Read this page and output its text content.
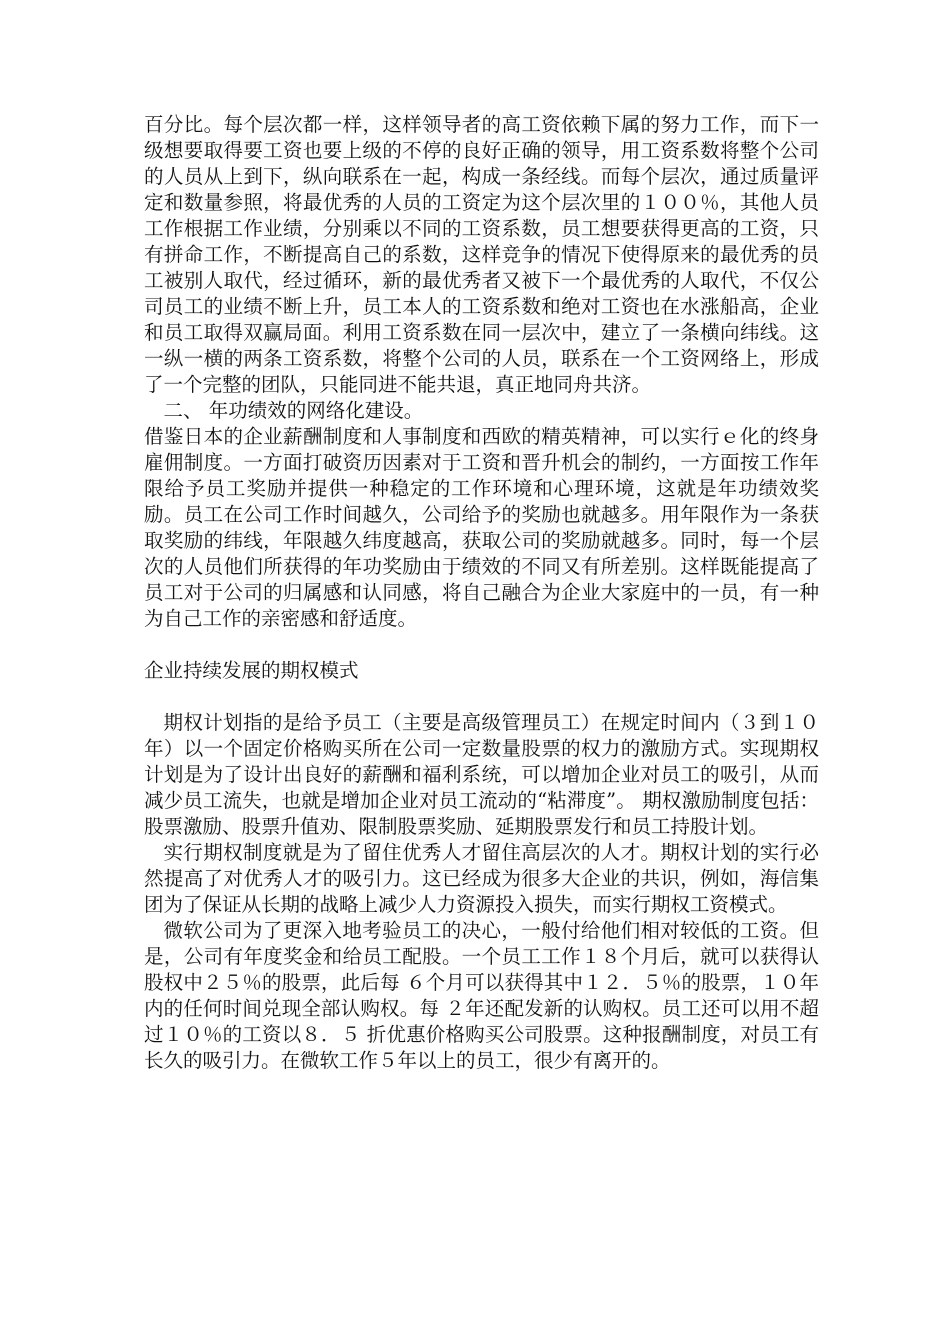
百分比。每个层次都一样，这样领导者的高工资依赖下属的努力工作，而下一级想要取得要工资也要上级的不停的良好正确的领导，用工资系数将整个公司的人员从上到下，纵向联系在一起，构成一条经线。而每个层次，通过质量评定和数量参照，将最优秀的人员的工资定为这个层次里的１００％，其他人员工作根据工作业绩，分别乘以不同的工资系数，员工想要获得更高的工资，只有拼命工作，不断提高自己的系数，这样竞争的情况下使得原来的最优秀的员工被别人取代，经过循环，新的最优秀者又被下一个最优秀的人取代，不仅公司员工的业绩不断上升，员工本人的工资系数和绝对工资也在水涨船高，企业和员工取得双赢局面。利用工资系数在同一层次中，建立了一条横向纬线。这一纵一横的两条工资系数，将整个公司的人员，联系在一个工资网络上，形成了一个完整的团队，只能同进不能共退，真正地同舟共济。

二、 年功绩效的网络化建设。

借鉴日本的企业薪酬制度和人事制度和西欧的精英精神，可以实行ｅ化的终身雇佣制度。一方面打破资历因素对于工资和晋升机会的制约，一方面按工作年限给予员工奖励并提供一种稳定的工作环境和心理环境，这就是年功绩效奖励。员工在公司工作时间越久，公司给予的奖励也就越多。用年限作为一条获取奖励的纬线，年限越久纬度越高，获取公司的奖励就越多。同时，每一个层次的人员他们所获得的年功奖励由于绩效的不同又有所差别。这样既能提高了员工对于公司的归属感和认同感，将自己融合为企业大家庭中的一员，有一种为自己工作的亲密感和舒适度。

企业持续发展的期权模式

期权计划指的是给予员工（主要是高级管理员工）在规定时间内（３到１０年）以一个固定价格购买所在公司一定数量股票的权力的激励方式。实现期权计划是为了设计出良好的薪酬和福利系统，可以增加企业对员工的吸引，从而减少员工流失，也就是增加企业对员工流动的“粘滞度”。 期权激励制度包括：股票激励、股票升值劝、限制股票奖励、延期股票发行和员工持股计划。

实行期权制度就是为了留住优秀人才留住高层次的人才。期权计划的实行必然提高了对优秀人才的吸引力。这已经成为很多大企业的共识，例如，海信集团为了保证从长期的战略上减少人力资源投入损失，而实行期权工资模式。

微软公司为了更深入地考验员工的决心，一般付给他们相对较低的工资。但是，公司有年度奖金和给员工配股。一个员工工作１８个月后，就可以获得认股权中２５％的股票，此后每 ６个月可以获得其中１２．５％的股票，１０年内的任何时间兑现全部认购权。每 ２年还配发新的认购权。员工还可以用不超过１０％的工资以８．５ 折优惠价格购买公司股票。这种报酬制度，对员工有长久的吸引力。在微软工作５年以上的员工，很少有离开的。
